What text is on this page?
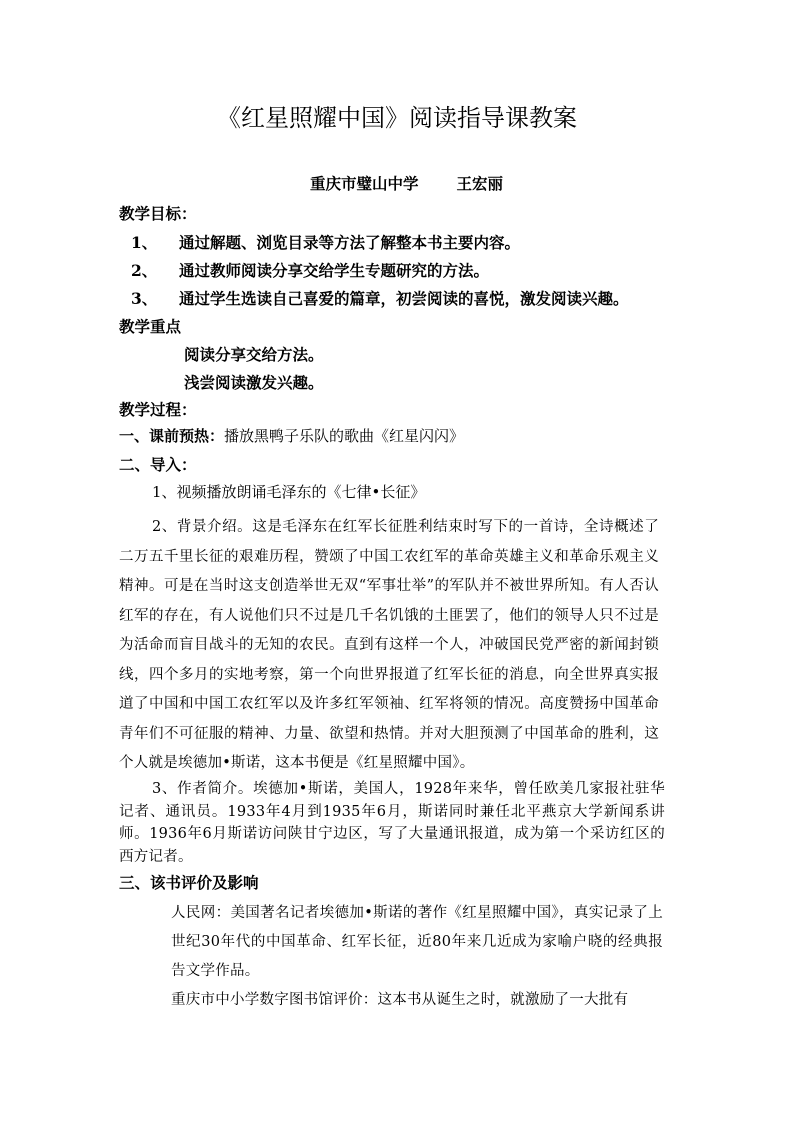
《红星照耀中国》阅读指导课教案
重庆市璧山中学 王宏丽
教学目标：
1、 通过解题、浏览目录等方法了解整本书主要内容。
2、 通过教师阅读分享交给学生专题研究的方法。
3、 通过学生选读自己喜爱的篇章，初尝阅读的喜悦，激发阅读兴趣。
教学重点
阅读分享交给方法。
浅尝阅读激发兴趣。
教学过程：
一、课前预热：播放黑鸭子乐队的歌曲《红星闪闪》
二、导入：
1、视频播放朗诵毛泽东的《七律•长征》

2、背景介绍。这是毛泽东在红军长征胜利结束时写下的一首诗，全诗概述了二万五千里长征的艰难历程，赞颂了中国工农红军的革命英雄主义和革命乐观主义精神。可是在当时这支创造举世无双“军事壮举”的军队并不被世界所知。有人否认红军的存在，有人说他们只不过是几千名饥饿的土匪罢了，他们的领导人只不过是为活命而盲目战斗的无知的农民。直到有这样一个人，冲破国民党严密的新闻封锁线，四个多月的实地考察，第一个向世界报道了红军长征的消息，向全世界真实报道了中国和中国工农红军以及许多红军领袖、红军将领的情况。高度赞扬中国革命青年们不可征服的精神、力量、欲望和热情。并对大胆预测了中国革命的胜利，这个人就是埃德加•斯诺，这本书便是《红星照耀中国》。

3、作者简介。埃德加•斯诺，美国人，1928年来华，曾任欧美几家报社驻华记者、通讯员。1933年4月到1935年6月，斯诺同时兼任北平燕京大学新闻系讲师。1936年6月斯诺访问陕甘宁边区，写了大量通讯报道，成为第一个采访红区的西方记者。

三、该书评价及影响

人民网：美国著名记者埃德加•斯诺的著作《红星照耀中国》，真实记录了上世纪30年代的中国革命、红军长征，近80年来几近成为家喻户晓的经典报告文学作品。

重庆市中小学数字图书馆评价：这本书从诞生之时，就激励了一大批有
